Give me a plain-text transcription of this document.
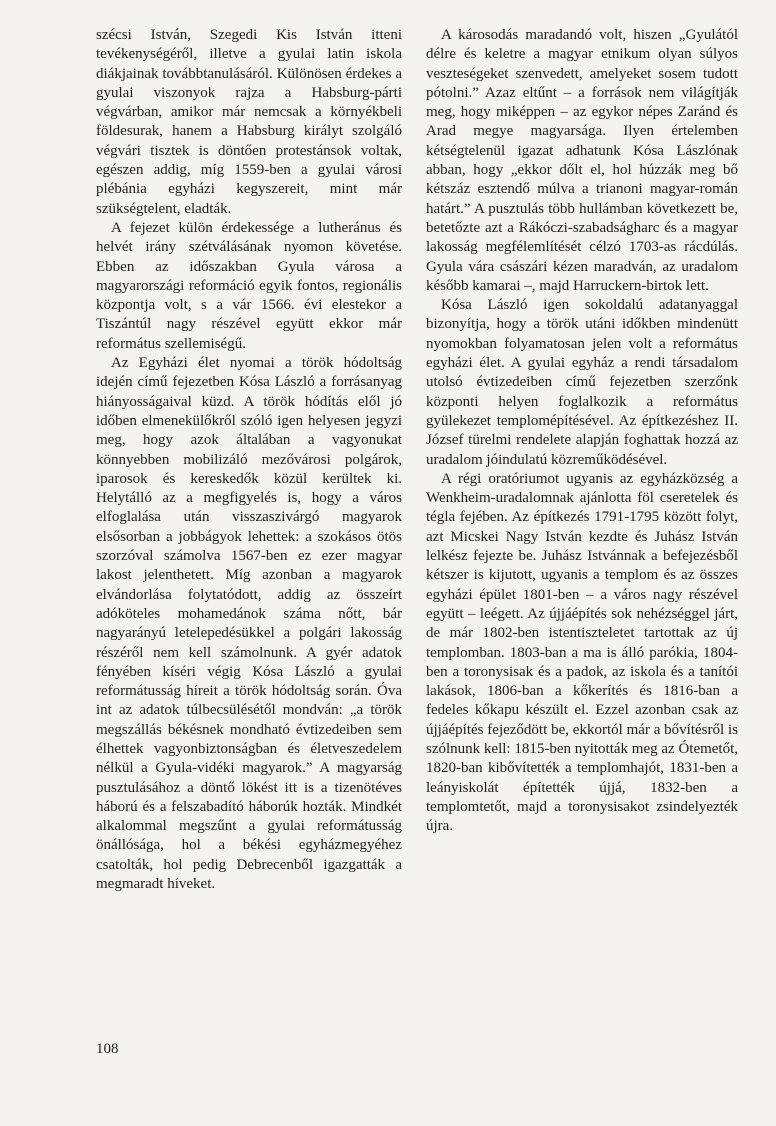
szécsi István, Szegedi Kis István itteni tevékenységéről, illetve a gyulai latin iskola diákjainak továbbtanulásáról. Különösen érdekes a gyulai viszonyok rajza a Habsburg-párti végvárban, amikor már nemcsak a környékbeli földesurak, hanem a Habsburg királyt szolgáló végvári tisztek is döntően protestánsok voltak, egészen addig, míg 1559-ben a gyulai városi plébánia egyházi kegyszereit, mint már szükségtelent, eladták.

A fejezet külön érdekessége a lutheránus és helvét irány szétválásának nyomon követése. Ebben az időszakban Gyula városa a magyarországi reformáció egyik fontos, regionális központja volt, s a vár 1566. évi elestekor a Tiszántúl nagy részével együtt ekkor már református szellemiségű.

Az Egyházi élet nyomai a török hódoltság idején című fejezetben Kósa László a forrásanyag hiányosságaival küzd. A török hódítás elől jó időben elmenekülőkről szóló igen helyesen jegyzi meg, hogy azok általában a vagyonukat könnyebben mobilizáló mezővárosi polgárok, iparosok és kereskedők közül kerültek ki. Helytálló az a megfigyelés is, hogy a város elfoglalása után visszaszivárgó magyarok elsősorban a jobbágyok lehettek: a szokásos ötös szorzóval számolva 1567-ben ez ezer magyar lakost jelenthetett. Míg azonban a magyarok elvándorlása folytatódott, addig az összeírt adóköteles mohamedánok száma nőtt, bár nagyarányú letelepedésükkel a polgári lakosság részéről nem kell számolnunk. A gyér adatok fényében kíséri végig Kósa László a gyulai reformátusság híreit a török hódoltság során. Óva int az adatok túlbecsülésétől mondván: „a török megszállás békésnek mondható évtizedeiben sem élhettek vagyonbiztonságban és életveszedelem nélkül a Gyula-vidéki magyarok.” A magyarság pusztulásához a döntő lökést itt is a tizenötéves háború és a felszabadító háborúk hozták. Mindkét alkalommal megszűnt a gyulai reformátusság önállósága, hol a békési egyházmegyéhez csatolták, hol pedig Debrecenből igazgatták a megmaradt híveket.

A károsodás maradandó volt, hiszen „Gyulától délre és keletre a magyar etnikum olyan súlyos veszteségeket szenvedett, amelyeket sosem tudott pótolni.” Azaz eltűnt – a források nem világítják meg, hogy miképpen – az egykor népes Zaránd és Arad megye magyarsága. Ilyen értelemben kétségtelenül igazat adhatunk Kósa Lászlónak abban, hogy „ekkor dőlt el, hol húzzák meg bő kétszáz esztendő múlva a trianoni magyar-román határt.” A pusztulás több hullámban következett be, betetőzte azt a Rákóczi-szabadságharc és a magyar lakosság megfélemlítését célzó 1703-as rácdúlás. Gyula vára császári kézen maradván, az uradalom később kamarai –, majd Harruckern-birtok lett.

Kósa László igen sokoldalú adatanyaggal bizonyítja, hogy a török utáni időkben mindenütt nyomokban folyamatosan jelen volt a református egyházi élet. A gyulai egyház a rendi társadalom utolsó évtizedeiben című fejezetben szerzőnk központi helyen foglalkozik a református gyülekezet templomépítésével. Az építkezéshez II. József türelmi rendelete alapján foghattak hozzá az uradalom jóindulatú közreműködésével.

A régi oratóriumot ugyanis az egyházközség a Wenkheim-uradalomnak ajánlotta föl cseretelek és tégla fejében. Az építkezés 1791-1795 között folyt, azt Micskei Nagy István kezdte és Juhász István lelkész fejezte be. Juhász Istvánnak a befejezésből kétszer is kijutott, ugyanis a templom és az összes egyházi épület 1801-ben – a város nagy részével együtt – leégett. Az újjáépítés sok nehézséggel járt, de már 1802-ben istentiszteletet tartottak az új templomban. 1803-ban a ma is álló parókia, 1804-ben a toronysisak és a padok, az iskola és a tanítói lakások, 1806-ban a kőkerítés és 1816-ban a fedeles kőkapu készült el. Ezzel azonban csak az újjáépítés fejeződött be, ekkortól már a bővítésről is szólnunk kell: 1815-ben nyitották meg az Ótemetőt, 1820-ban kibővítették a templomhajót, 1831-ben a leányiskolát építették újjá, 1832-ben a templomtetőt, majd a toronysisakot zsindelyezték újra.

108
